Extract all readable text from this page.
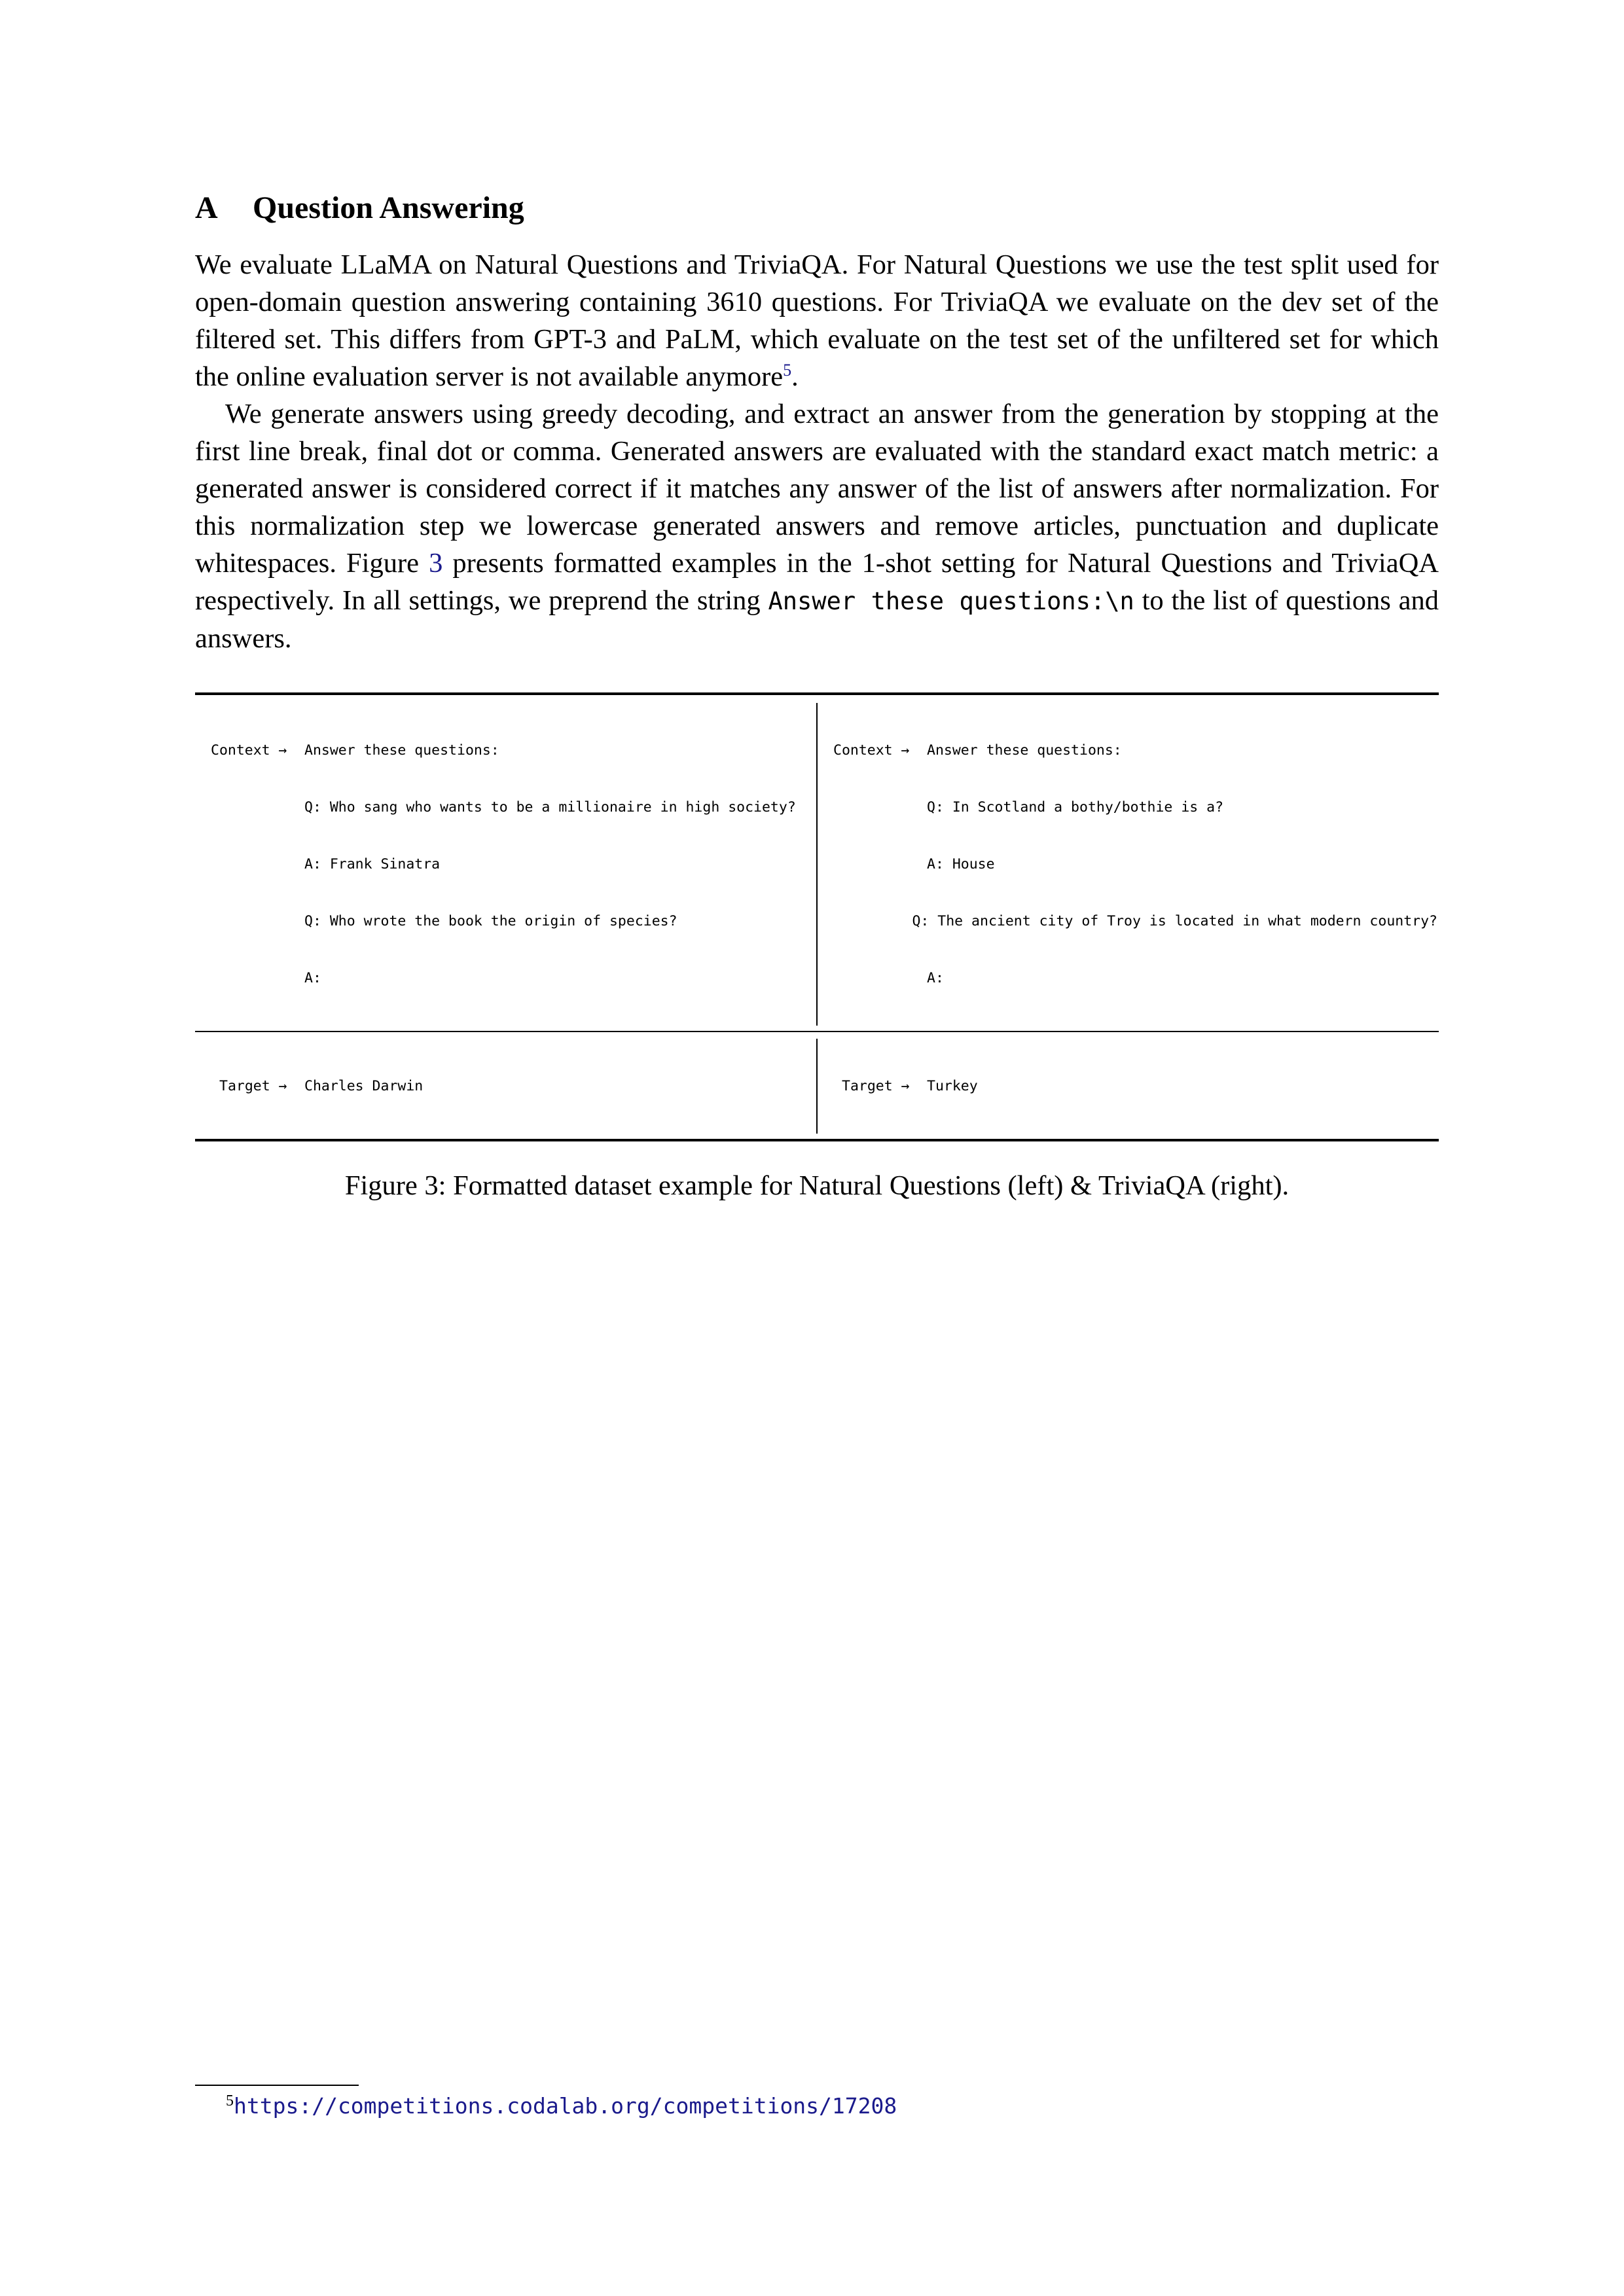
A Question Answering

We evaluate LLaMA on Natural Questions and TriviaQA. For Natural Questions we use the test split used for open-domain question answering containing 3610 questions. For TriviaQA we evaluate on the dev set of the filtered set. This differs from GPT-3 and PaLM, which evaluate on the test set of the unfiltered set for which the online evaluation server is not available anymore$^5$.

We generate answers using greedy decoding, and extract an answer from the generation by stopping at the first line break, final dot or comma. Generated answers are evaluated with the standard exact match metric: a generated answer is considered correct if it matches any answer of the list of answers after normalization. For this normalization step we lowercase generated answers and remove articles, punctuation and duplicate whitespaces. Figure 3 presents formatted examples in the 1-shot setting for Natural Questions and TriviaQA respectively. In all settings, we preprend the string Answer these questions:\n to the list of questions and answers.

Context →	Answer these questions:

Q: Who sang who wants to be a millionaire in high society?

A: Frank Sinatra

Q: Who wrote the book the origin of species?

A:

Context →	Answer these questions:

Q: In Scotland a bothy/bothie is a?

A: House

Q: The ancient city of Troy is located in what modern country?

A:

Target →	Charles Darwin

	Target →	Turkey

Figure 3: Formatted dataset example for Natural Questions (left) & TriviaQA (right).
$^5$https://competitions.codalab.org/competitions/17208
